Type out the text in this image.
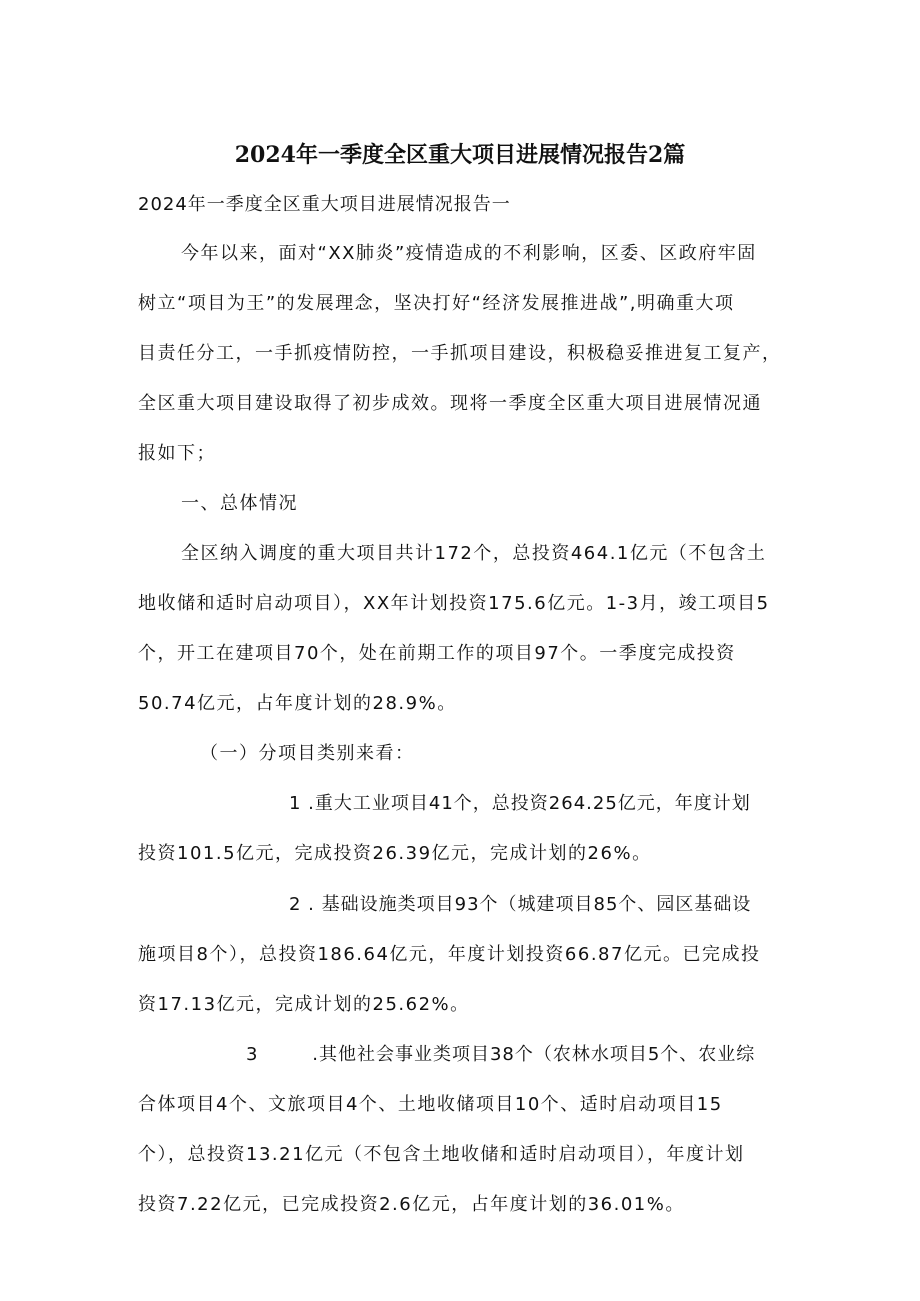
2024年一季度全区重大项目进展情况报告2篇
2024年一季度全区重大项目进展情况报告一
今年以来，面对“XX肺炎”疫情造成的不利影响，区委、区政府牢固
树立“项目为王”的发展理念，坚决打好“经济发展推进战”,明确重大项
目责任分工，一手抓疫情防控，一手抓项目建设，积极稳妥推进复工复产，
全区重大项目建设取得了初步成效。现将一季度全区重大项目进展情况通
报如下；
一、总体情况
全区纳入调度的重大项目共计172个，总投资464.1亿元（不包含土
地收储和适时启动项目），XX年计划投资175.6亿元。1-3月，竣工项目5
个，开工在建项目70个，处在前期工作的项目97个。一季度完成投资
50.74亿元，占年度计划的28.9%。
（一）分项目类别来看：
1 .重大工业项目41个，总投资264.25亿元，年度计划
投资101.5亿元，完成投资26.39亿元，完成计划的26%。
2 . 基础设施类项目93个（城建项目85个、园区基础设
施项目8个），总投资186.64亿元，年度计划投资66.87亿元。已完成投
资17.13亿元，完成计划的25.62%。
3        .其他社会事业类项目38个（农林水项目5个、农业综
合体项目4个、文旅项目4个、土地收储项目10个、适时启动项目15
个），总投资13.21亿元（不包含土地收储和适时启动项目），年度计划
投资7.22亿元，已完成投资2.6亿元，占年度计划的36.01%。
